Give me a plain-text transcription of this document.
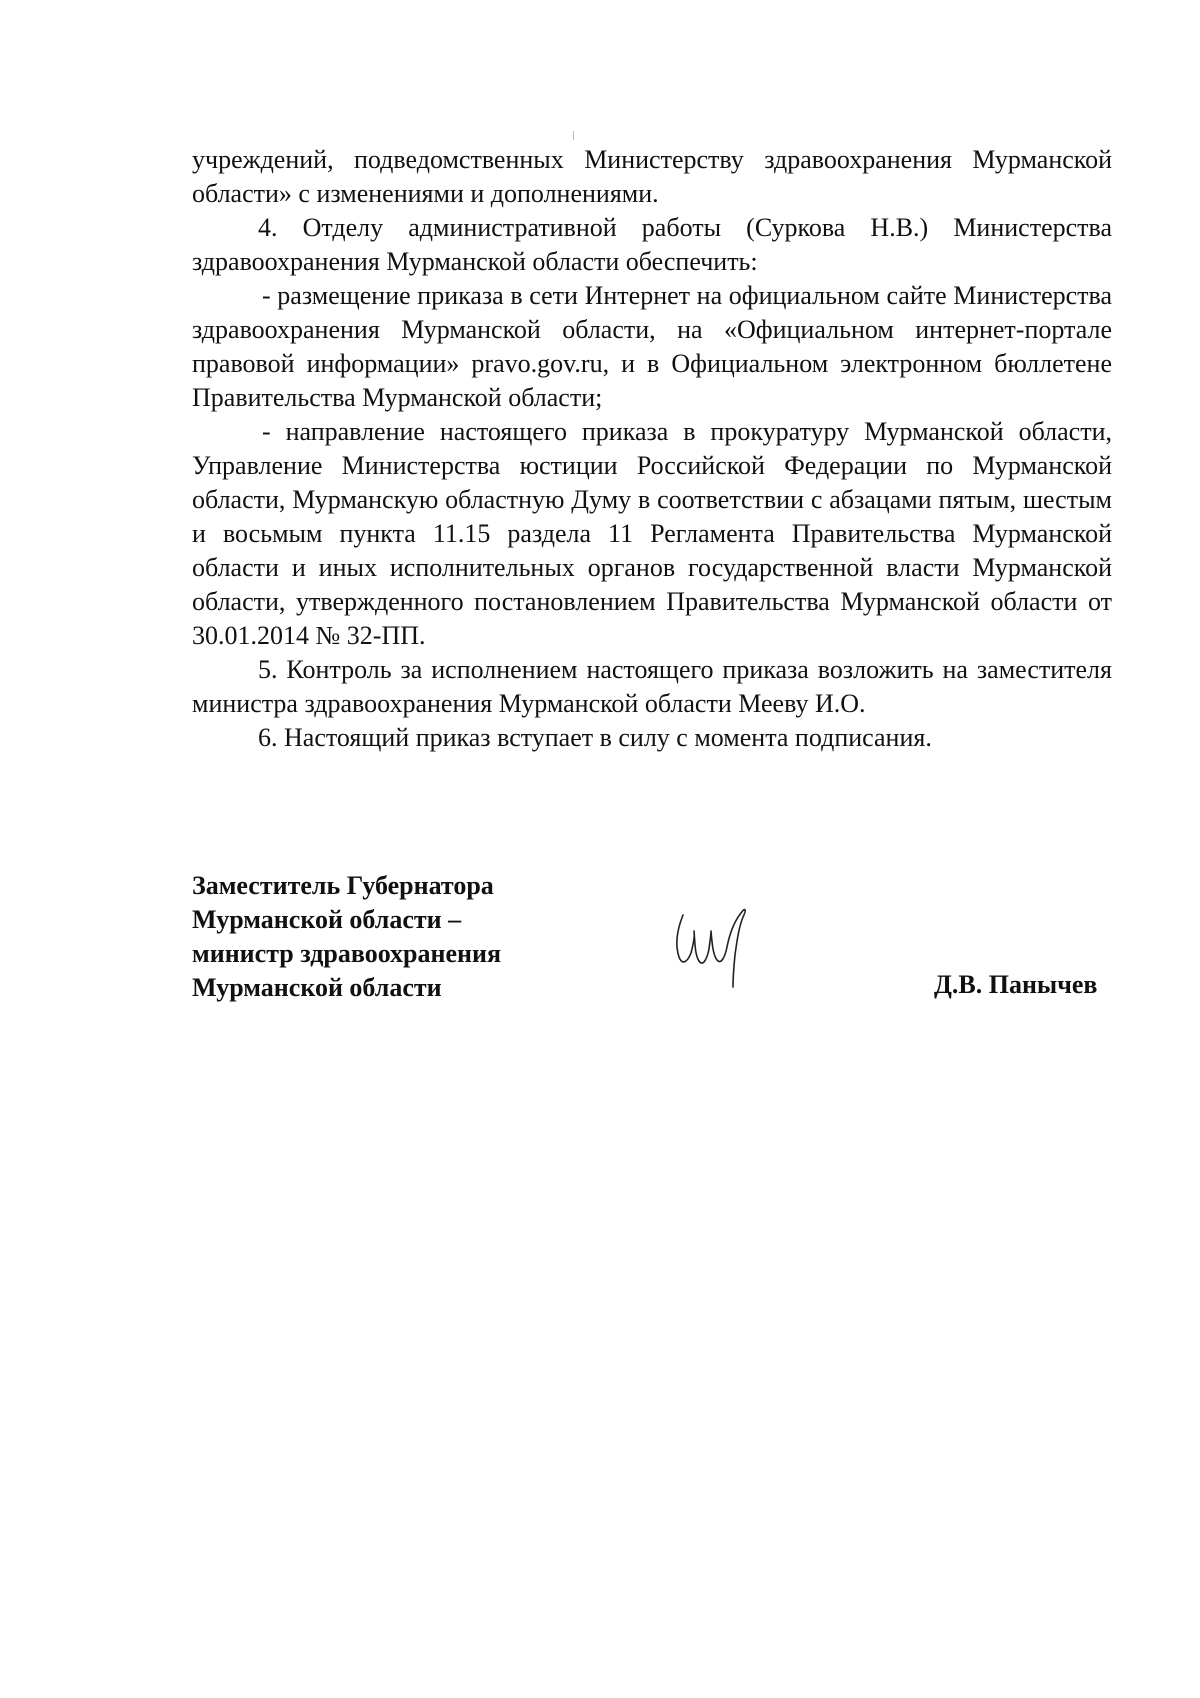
учреждений, подведомственных Министерству здравоохранения Мурманской области» с изменениями и дополнениями.

4. Отделу административной работы (Суркова Н.В.) Министерства здравоохранения Мурманской области обеспечить:

- размещение приказа в сети Интернет на официальном сайте Министерства здравоохранения Мурманской области, на «Официальном интернет-портале правовой информации» pravo.gov.ru, и в Официальном электронном бюллетене Правительства Мурманской области;

- направление настоящего приказа в прокуратуру Мурманской области, Управление Министерства юстиции Российской Федерации по Мурманской области, Мурманскую областную Думу в соответствии с абзацами пятым, шестым и восьмым пункта 11.15 раздела 11 Регламента Правительства Мурманской области и иных исполнительных органов государственной власти Мурманской области, утвержденного постановлением Правительства Мурманской области от 30.01.2014 № 32-ПП.

5. Контроль за исполнением настоящего приказа возложить на заместителя министра здравоохранения Мурманской области Мееву И.О.

6. Настоящий приказ вступает в силу с момента подписания.

Заместитель Губернатора
Мурманской области –
министр здравоохранения
Мурманской области	Д.В. Панычев
